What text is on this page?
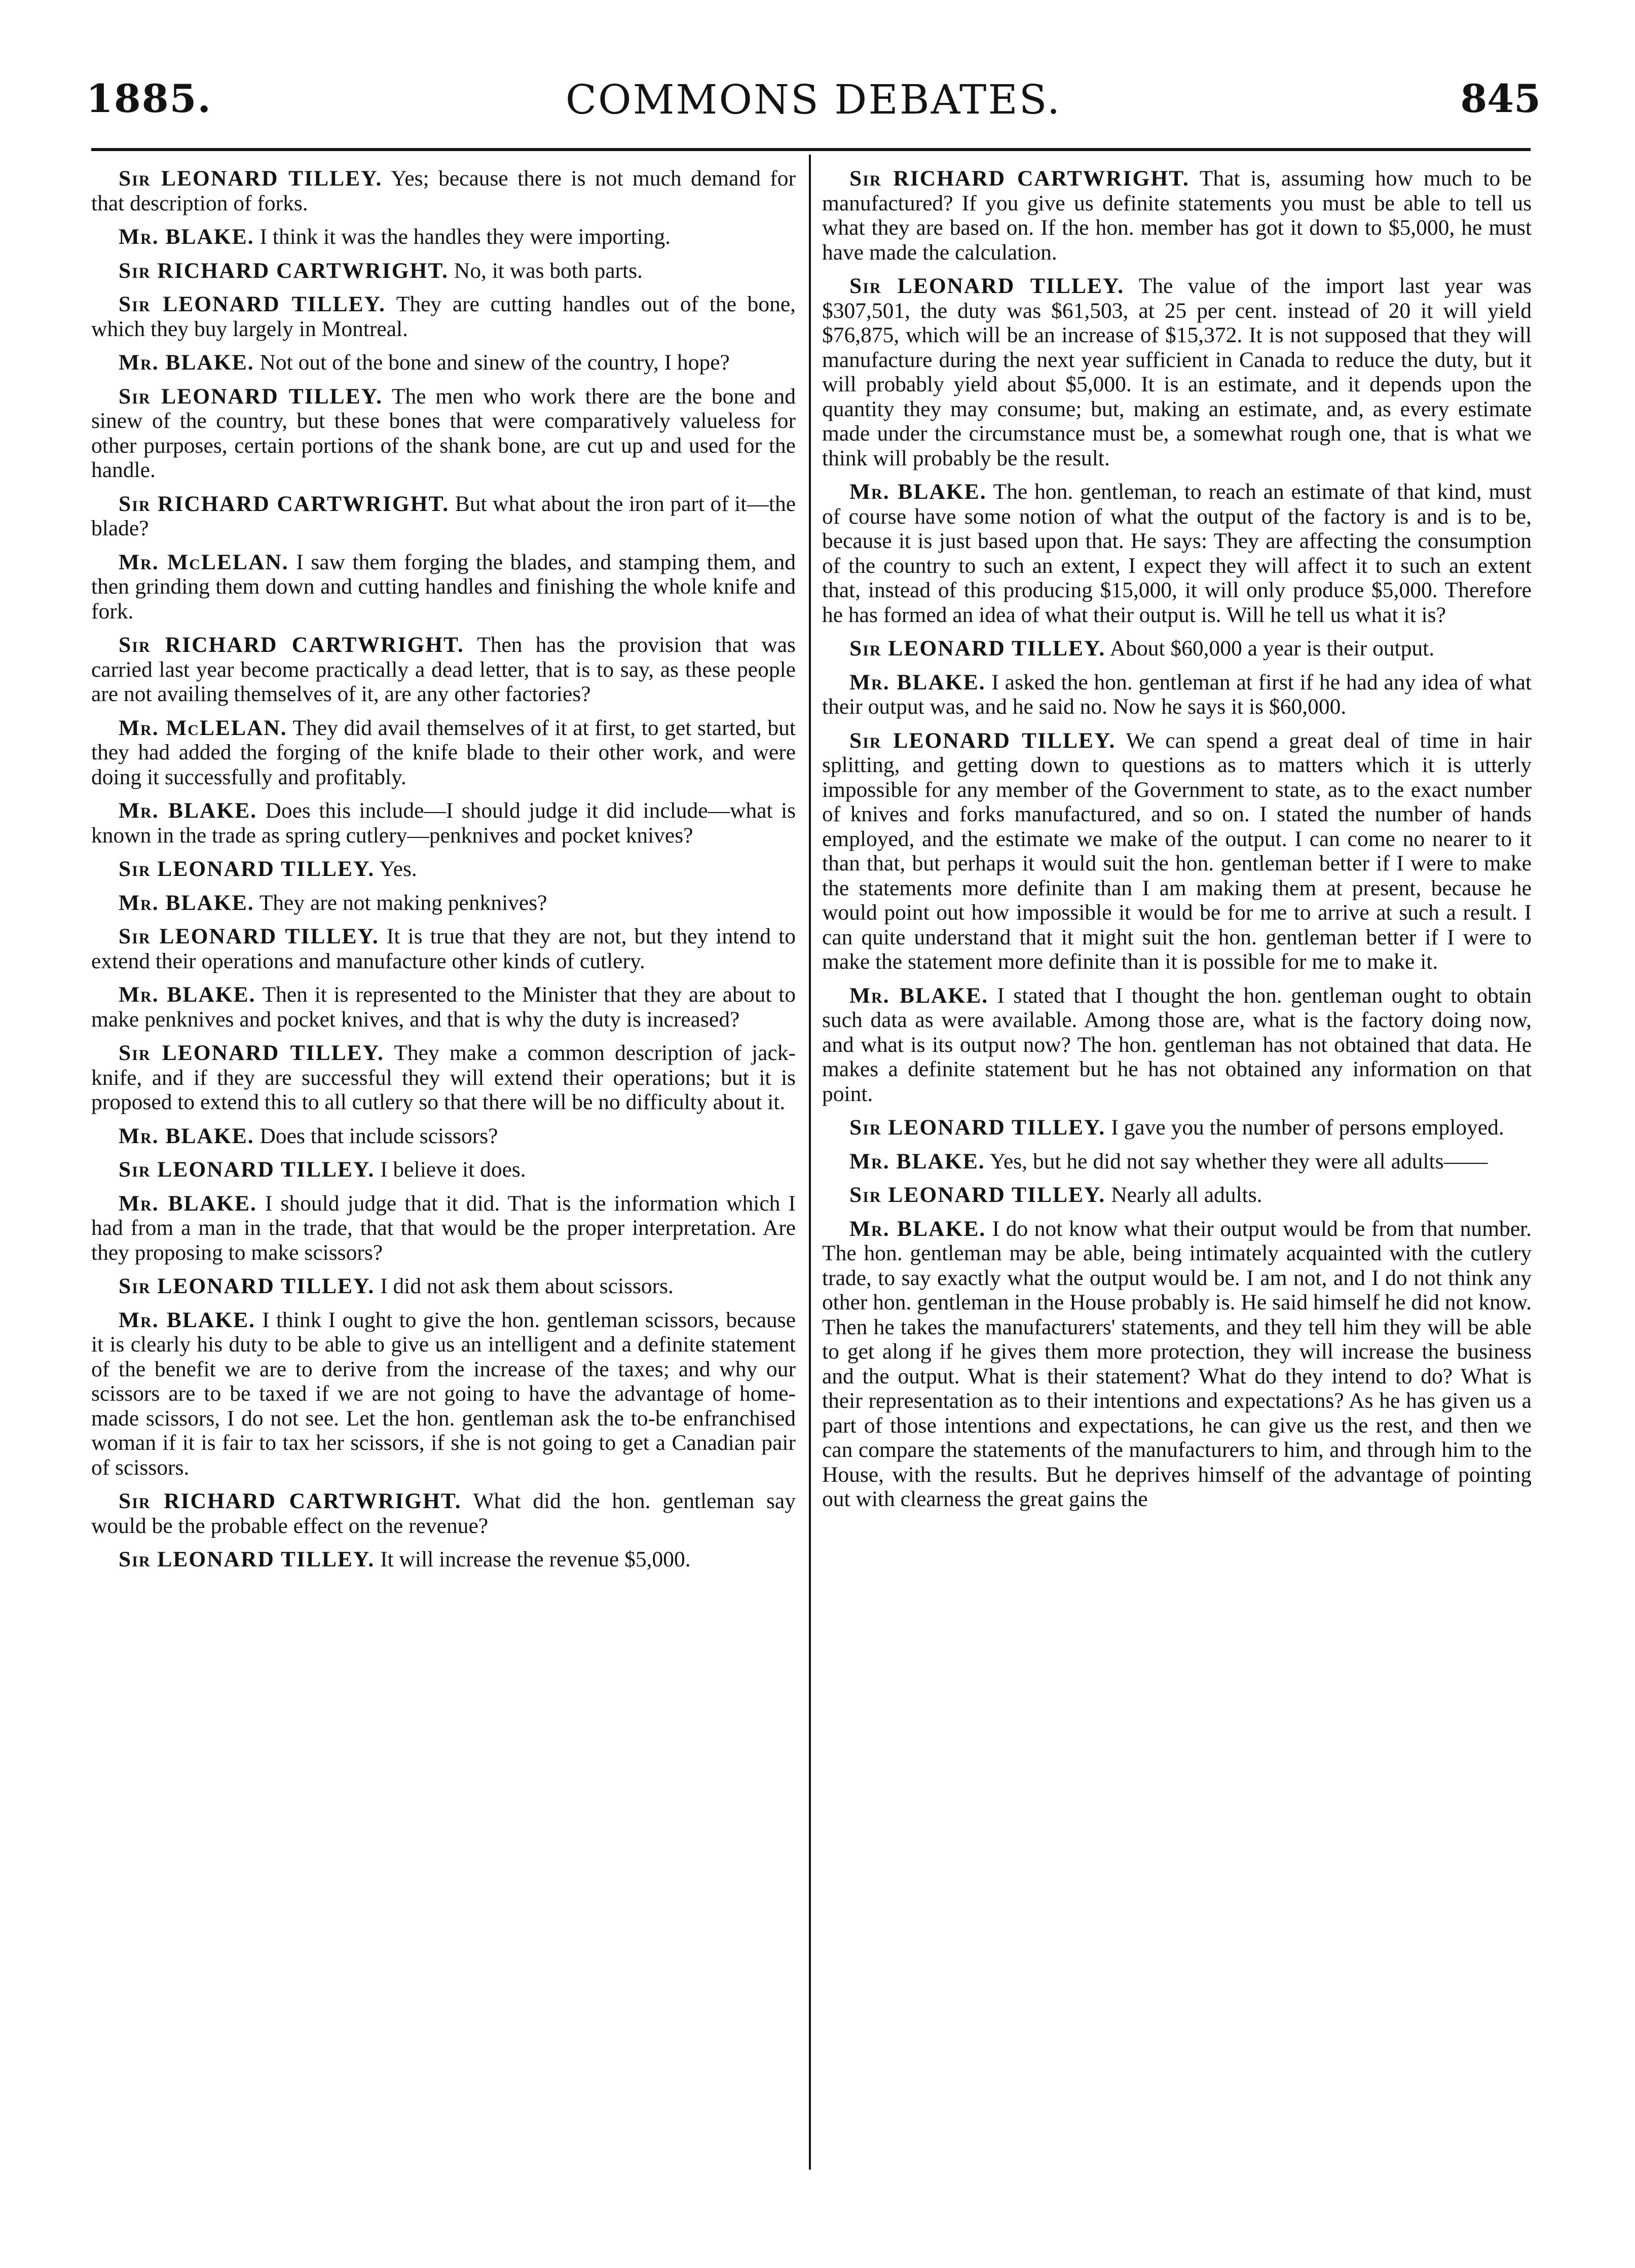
1885.	COMMONS DEBATES.	845

Sir LEONARD TILLEY. Yes; because there is not much demand for that description of forks.

Mr. BLAKE. I think it was the handles they were importing.

Sir RICHARD CARTWRIGHT. No, it was both parts.

Sir LEONARD TILLEY. They are cutting handles out of the bone, which they buy largely in Montreal.

Mr. BLAKE. Not out of the bone and sinew of the country, I hope?

Sir LEONARD TILLEY. The men who work there are the bone and sinew of the country, but these bones that were comparatively valueless for other purposes, certain portions of the shank bone, are cut up and used for the handle.

Sir RICHARD CARTWRIGHT. But what about the iron part of it—the blade?

Mr. McLELAN. I saw them forging the blades, and stamping them, and then grinding them down and cutting handles and finishing the whole knife and fork.

Sir RICHARD CARTWRIGHT. Then has the provision that was carried last year become practically a dead letter, that is to say, as these people are not availing themselves of it, are any other factories?

Mr. McLELAN. They did avail themselves of it at first, to get started, but they had added the forging of the knife blade to their other work, and were doing it successfully and profitably.

Mr. BLAKE. Does this include—I should judge it did include—what is known in the trade as spring cutlery—penknives and pocket knives?

Sir LEONARD TILLEY. Yes.

Mr. BLAKE. They are not making penknives?

Sir LEONARD TILLEY. It is true that they are not, but they intend to extend their operations and manufacture other kinds of cutlery.

Mr. BLAKE. Then it is represented to the Minister that they are about to make penknives and pocket knives, and that is why the duty is increased?

Sir LEONARD TILLEY. They make a common description of jack-knife, and if they are successful they will extend their operations; but it is proposed to extend this to all cutlery so that there will be no difficulty about it.

Mr. BLAKE. Does that include scissors?

Sir LEONARD TILLEY. I believe it does.

Mr. BLAKE. I should judge that it did. That is the information which I had from a man in the trade, that that would be the proper interpretation. Are they proposing to make scissors?

Sir LEONARD TILLEY. I did not ask them about scissors.

Mr. BLAKE. I think I ought to give the hon. gentleman scissors, because it is clearly his duty to be able to give us an intelligent and a definite statement of the benefit we are to derive from the increase of the taxes; and why our scissors are to be taxed if we are not going to have the advantage of home-made scissors, I do not see. Let the hon. gentleman ask the to-be enfranchised woman if it is fair to tax her scissors, if she is not going to get a Canadian pair of scissors.

Sir RICHARD CARTWRIGHT. What did the hon. gentleman say would be the probable effect on the revenue?

Sir LEONARD TILLEY. It will increase the revenue $5,000.

Sir RICHARD CARTWRIGHT. That is, assuming how much to be manufactured? If you give us definite statements you must be able to tell us what they are based on. If the hon. member has got it down to $5,000, he must have made the calculation.

Sir LEONARD TILLEY. The value of the import last year was $307,501, the duty was $61,503, at 25 per cent. instead of 20 it will yield $76,875, which will be an increase of $15,372. It is not supposed that they will manufacture during the next year sufficient in Canada to reduce the duty, but it will probably yield about $5,000. It is an estimate, and it depends upon the quantity they may consume; but, making an estimate, and, as every estimate made under the circumstance must be, a somewhat rough one, that is what we think will probably be the result.

Mr. BLAKE. The hon. gentleman, to reach an estimate of that kind, must of course have some notion of what the output of the factory is and is to be, because it is just based upon that. He says: They are affecting the consumption of the country to such an extent, I expect they will affect it to such an extent that, instead of this producing $15,000, it will only produce $5,000. Therefore he has formed an idea of what their output is. Will he tell us what it is?

Sir LEONARD TILLEY. About $60,000 a year is their output.

Mr. BLAKE. I asked the hon. gentleman at first if he had any idea of what their output was, and he said no. Now he says it is $60,000.

Sir LEONARD TILLEY. We can spend a great deal of time in hair splitting, and getting down to questions as to matters which it is utterly impossible for any member of the Government to state, as to the exact number of knives and forks manufactured, and so on. I stated the number of hands employed, and the estimate we make of the output. I can come no nearer to it than that, but perhaps it would suit the hon. gentleman better if I were to make the statements more definite than I am making them at present, because he would point out how impossible it would be for me to arrive at such a result. I can quite understand that it might suit the hon. gentleman better if I were to make the statement more definite than it is possible for me to make it.

Mr. BLAKE. I stated that I thought the hon. gentleman ought to obtain such data as were available. Among those are, what is the factory doing now, and what is its output now? The hon. gentleman has not obtained that data. He makes a definite statement but he has not obtained any information on that point.

Sir LEONARD TILLEY. I gave you the number of persons employed.

Mr. BLAKE. Yes, but he did not say whether they were all adults——

Sir LEONARD TILLEY. Nearly all adults.

Mr. BLAKE. I do not know what their output would be from that number. The hon. gentleman may be able, being intimately acquainted with the cutlery trade, to say exactly what the output would be. I am not, and I do not think any other hon. gentleman in the House probably is. He said himself he did not know. Then he takes the manufacturers' statements, and they tell him they will be able to get along if he gives them more protection, they will increase the business and the output. What is their statement? What do they intend to do? What is their representation as to their intentions and expectations? As he has given us a part of those intentions and expectations, he can give us the rest, and then we can compare the statements of the manufacturers to him, and through him to the House, with the results. But he deprives himself of the advantage of pointing out with clearness the great gains the
